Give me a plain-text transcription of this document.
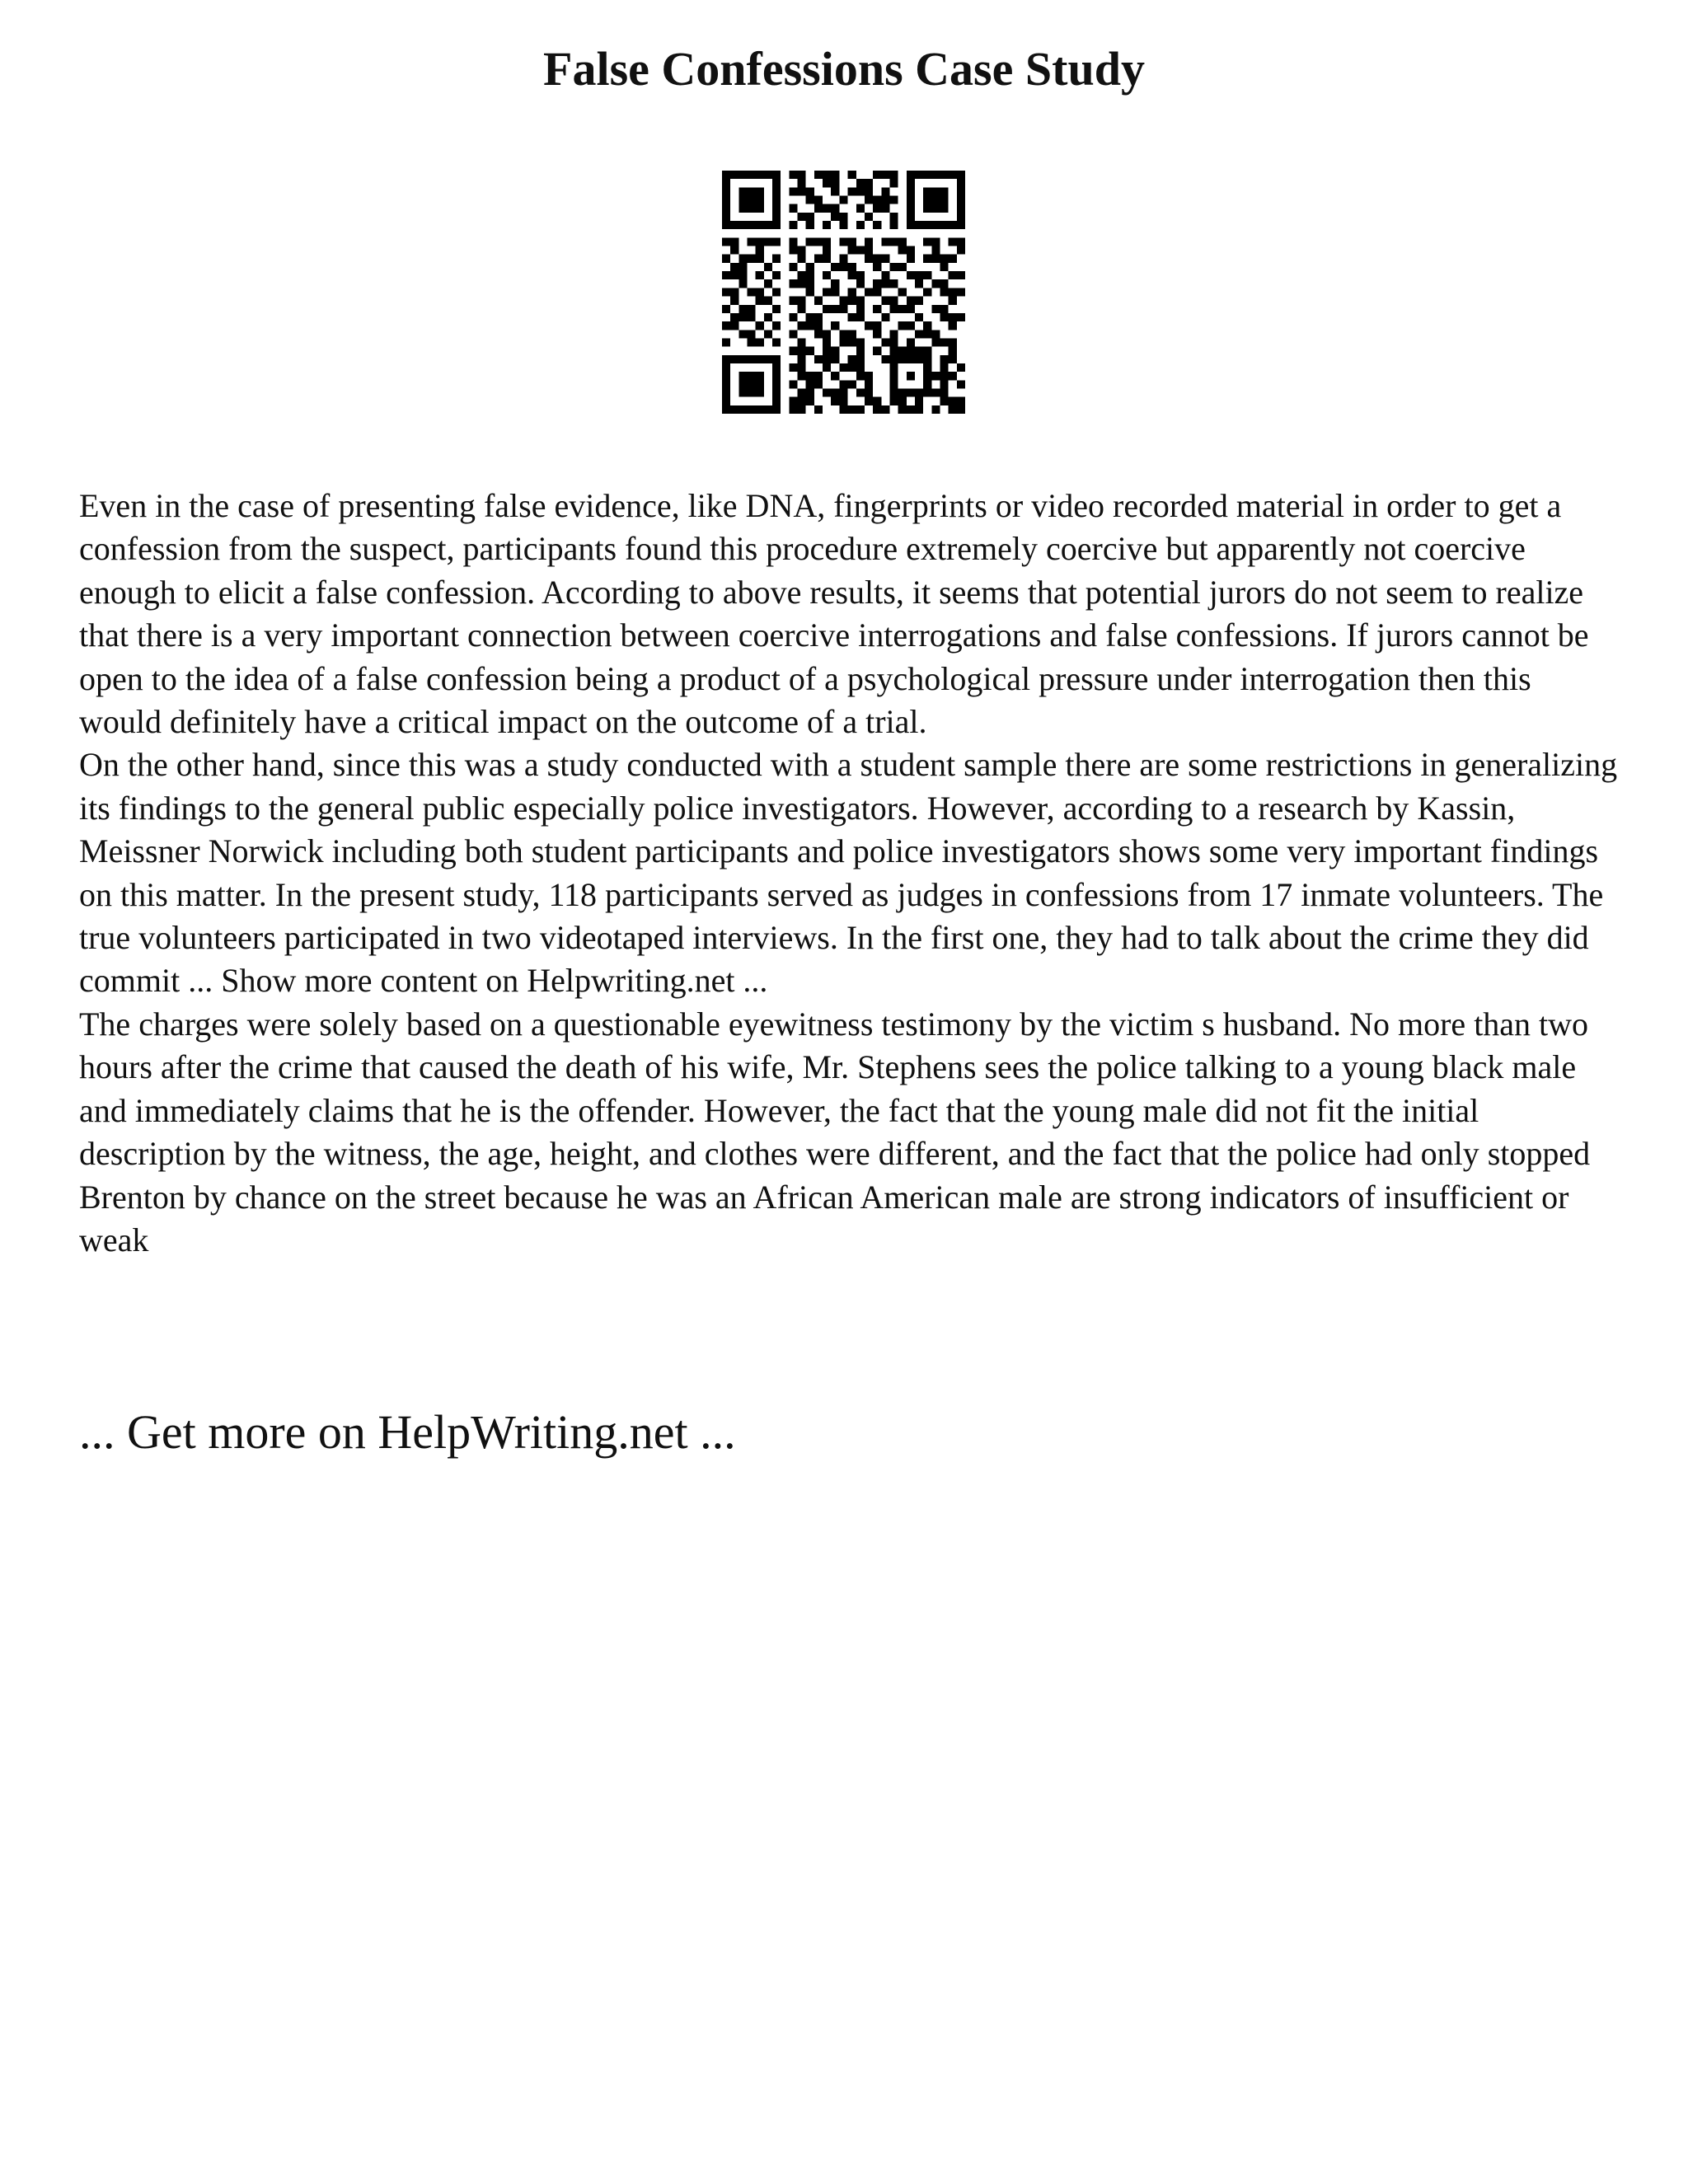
False Confessions Case Study

Even in the case of presenting false evidence, like DNA, fingerprints or video recorded material in order to get a confession from the suspect, participants found this procedure extremely coercive but apparently not coercive enough to elicit a false confession. According to above results, it seems that potential jurors do not seem to realize that there is a very important connection between coercive interrogations and false confessions. If jurors cannot be open to the idea of a false confession being a product of a psychological pressure under interrogation then this would definitely have a critical impact on the outcome of a trial.

On the other hand, since this was a study conducted with a student sample there are some restrictions in generalizing its findings to the general public especially police investigators. However, according to a research by Kassin, Meissner Norwick including both student participants and police investigators shows some very important findings on this matter. In the present study, 118 participants served as judges in confessions from 17 inmate volunteers. The true volunteers participated in two videotaped interviews. In the first one, they had to talk about the crime they did commit ... Show more content on Helpwriting.net ...

The charges were solely based on a questionable eyewitness testimony by the victim s husband. No more than two hours after the crime that caused the death of his wife, Mr. Stephens sees the police talking to a young black male and immediately claims that he is the offender. However, the fact that the young male did not fit the initial description by the witness, the age, height, and clothes were different, and the fact that the police had only stopped Brenton by chance on the street because he was an African American male are strong indicators of insufficient or weak

... Get more on HelpWriting.net ...
